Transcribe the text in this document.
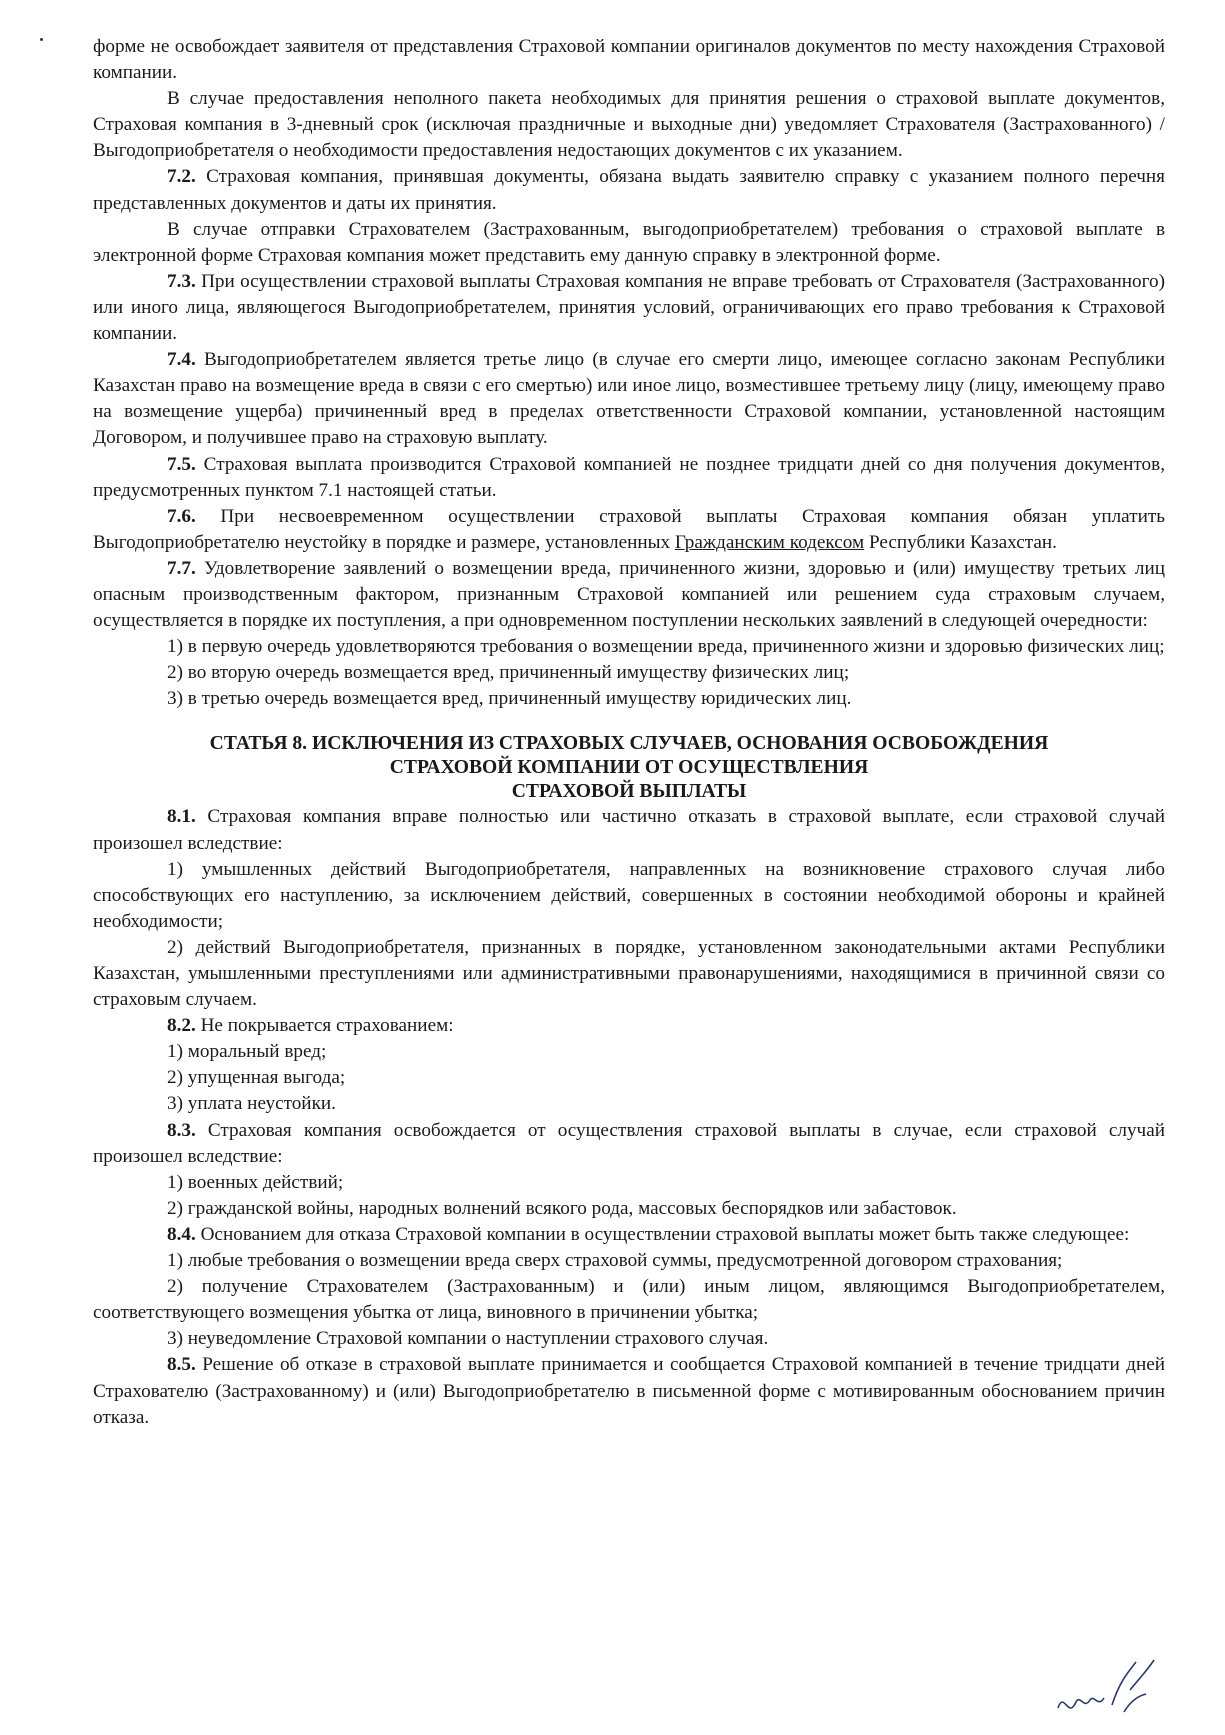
форме не освобождает заявителя от представления Страховой компании оригиналов документов по месту нахождения Страховой компании.

В случае предоставления неполного пакета необходимых для принятия решения о страховой выплате документов, Страховая компания в 3-дневный срок (исключая праздничные и выходные дни) уведомляет Страхователя (Застрахованного) / Выгодоприобретателя о необходимости предоставления недостающих документов с их указанием.

7.2. Страховая компания, принявшая документы, обязана выдать заявителю справку с указанием полного перечня представленных документов и даты их принятия.

В случае отправки Страхователем (Застрахованным, выгодоприобретателем) требования о страховой выплате в электронной форме Страховая компания может представить ему данную справку в электронной форме.

7.3. При осуществлении страховой выплаты Страховая компания не вправе требовать от Страхователя (Застрахованного) или иного лица, являющегося Выгодоприобретателем, принятия условий, ограничивающих его право требования к Страховой компании.

7.4. Выгодоприобретателем является третье лицо (в случае его смерти лицо, имеющее согласно законам Республики Казахстан право на возмещение вреда в связи с его смертью) или иное лицо, возместившее третьему лицу (лицу, имеющему право на возмещение ущерба) причиненный вред в пределах ответственности Страховой компании, установленной настоящим Договором, и получившее право на страховую выплату.

7.5. Страховая выплата производится Страховой компанией не позднее тридцати дней со дня получения документов, предусмотренных пунктом 7.1 настоящей статьи.

7.6. При несвоевременном осуществлении страховой выплаты Страховая компания обязан уплатить Выгодоприобретателю неустойку в порядке и размере, установленных Гражданским кодексом Республики Казахстан.

7.7. Удовлетворение заявлений о возмещении вреда, причиненного жизни, здоровью и (или) имуществу третьих лиц опасным производственным фактором, признанным Страховой компанией или решением суда страховым случаем, осуществляется в порядке их поступления, а при одновременном поступлении нескольких заявлений в следующей очередности:

1) в первую очередь удовлетворяются требования о возмещении вреда, причиненного жизни и здоровью физических лиц;

2) во вторую очередь возмещается вред, причиненный имуществу физических лиц;

3) в третью очередь возмещается вред, причиненный имуществу юридических лиц.

СТАТЬЯ 8. ИСКЛЮЧЕНИЯ ИЗ СТРАХОВЫХ СЛУЧАЕВ, ОСНОВАНИЯ ОСВОБОЖДЕНИЯ
СТРАХОВОЙ КОМПАНИИ ОТ ОСУЩЕСТВЛЕНИЯ
СТРАХОВОЙ ВЫПЛАТЫ

8.1. Страховая компания вправе полностью или частично отказать в страховой выплате, если страховой случай произошел вследствие:

1) умышленных действий Выгодоприобретателя, направленных на возникновение страхового случая либо способствующих его наступлению, за исключением действий, совершенных в состоянии необходимой обороны и крайней необходимости;

2) действий Выгодоприобретателя, признанных в порядке, установленном законодательными актами Республики Казахстан, умышленными преступлениями или административными правонарушениями, находящимися в причинной связи со страховым случаем.

8.2. Не покрывается страхованием:

1) моральный вред;

2) упущенная выгода;

3) уплата неустойки.

8.3. Страховая компания освобождается от осуществления страховой выплаты в случае, если страховой случай произошел вследствие:

1) военных действий;

2) гражданской войны, народных волнений всякого рода, массовых беспорядков или забастовок.

8.4. Основанием для отказа Страховой компании в осуществлении страховой выплаты может быть также следующее:

1) любые требования о возмещении вреда сверх страховой суммы, предусмотренной договором страхования;

2) получение Страхователем (Застрахованным) и (или) иным лицом, являющимся Выгодоприобретателем, соответствующего возмещения убытка от лица, виновного в причинении убытка;

3) неуведомление Страховой компании о наступлении страхового случая.

8.5. Решение об отказе в страховой выплате принимается и сообщается Страховой компанией в течение тридцати дней Страхователю (Застрахованному) и (или) Выгодоприобретателю в письменной форме с мотивированным обоснованием причин отказа.
